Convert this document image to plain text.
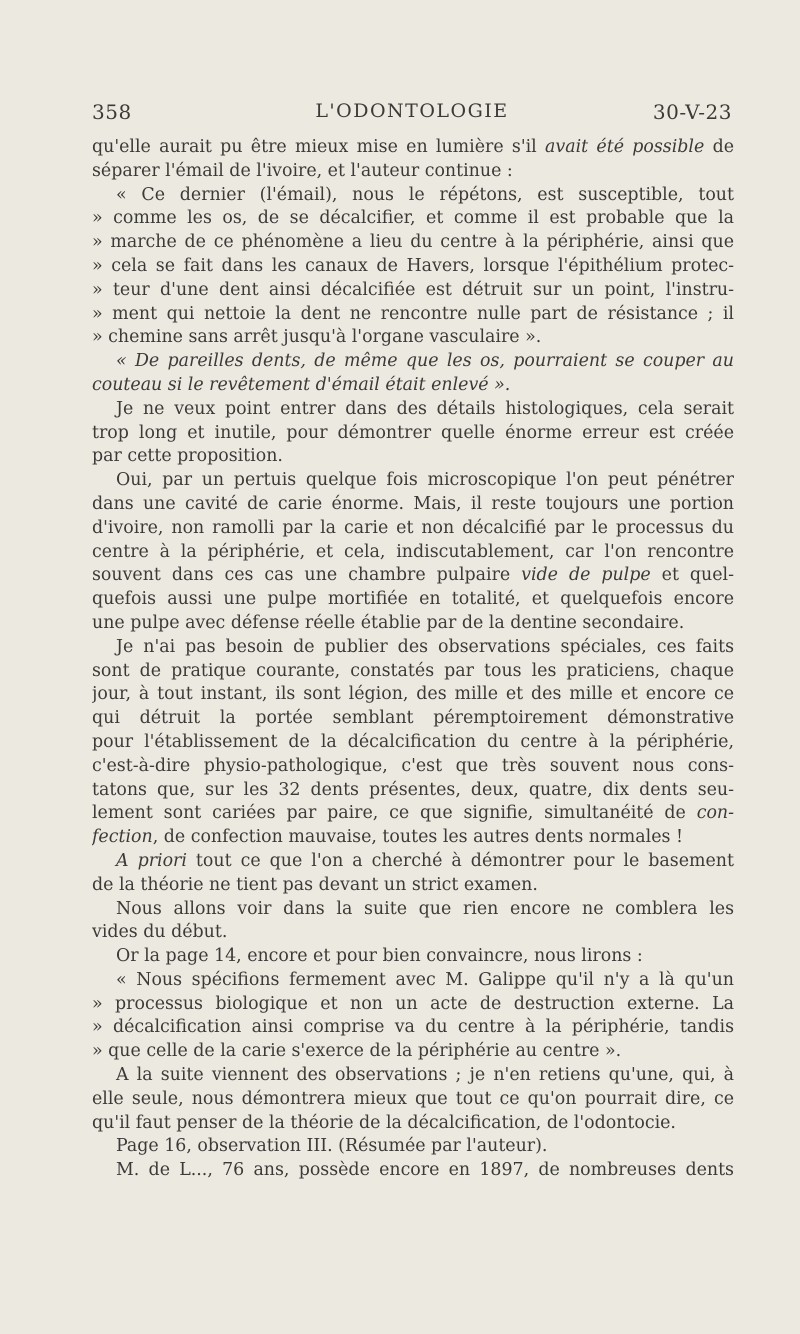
358	L'ODONTOLOGIE	30-V-23
qu'elle aurait pu être mieux mise en lumière s'il avait été possible de
séparer l'émail de l'ivoire, et l'auteur continue :
« Ce dernier (l'émail), nous le répétons, est susceptible, tout
» comme les os, de se décalcifier, et comme il est probable que la
» marche de ce phénomène a lieu du centre à la périphérie, ainsi que
» cela se fait dans les canaux de Havers, lorsque l'épithélium protec-
» teur d'une dent ainsi décalcifiée est détruit sur un point, l'instru-
» ment qui nettoie la dent ne rencontre nulle part de résistance ; il
» chemine sans arrêt jusqu'à l'organe vasculaire ».
« De pareilles dents, de même que les os, pourraient se couper au
couteau si le revêtement d'émail était enlevé ».
Je ne veux point entrer dans des détails histologiques, cela serait
trop long et inutile, pour démontrer quelle énorme erreur est créée
par cette proposition.
Oui, par un pertuis quelque fois microscopique l'on peut pénétrer
dans une cavité de carie énorme. Mais, il reste toujours une portion
d'ivoire, non ramolli par la carie et non décalcifié par le processus du
centre à la périphérie, et cela, indiscutablement, car l'on rencontre
souvent dans ces cas une chambre pulpaire vide de pulpe et quel-
quefois aussi une pulpe mortifiée en totalité, et quelquefois encore
une pulpe avec défense réelle établie par de la dentine secondaire.
Je n'ai pas besoin de publier des observations spéciales, ces faits
sont de pratique courante, constatés par tous les praticiens, chaque
jour, à tout instant, ils sont légion, des mille et des mille et encore ce
qui détruit la portée semblant péremptoirement démonstrative
pour l'établissement de la décalcification du centre à la périphérie,
c'est-à-dire physio-pathologique, c'est que très souvent nous cons-
tatons que, sur les 32 dents présentes, deux, quatre, dix dents seu-
lement sont cariées par paire, ce que signifie, simultanéité de con-
fection, de confection mauvaise, toutes les autres dents normales !
A priori tout ce que l'on a cherché à démontrer pour le basement
de la théorie ne tient pas devant un strict examen.
Nous allons voir dans la suite que rien encore ne comblera les
vides du début.
Or la page 14, encore et pour bien convaincre, nous lirons :
« Nous spécifions fermement avec M. Galippe qu'il n'y a là qu'un
» processus biologique et non un acte de destruction externe. La
» décalcification ainsi comprise va du centre à la périphérie, tandis
» que celle de la carie s'exerce de la périphérie au centre ».
A la suite viennent des observations ; je n'en retiens qu'une, qui, à
elle seule, nous démontrera mieux que tout ce qu'on pourrait dire, ce
qu'il faut penser de la théorie de la décalcification, de l'odontocie.
Page 16, observation III. (Résumée par l'auteur).
M. de L..., 76 ans, possède encore en 1897, de nombreuses dents
